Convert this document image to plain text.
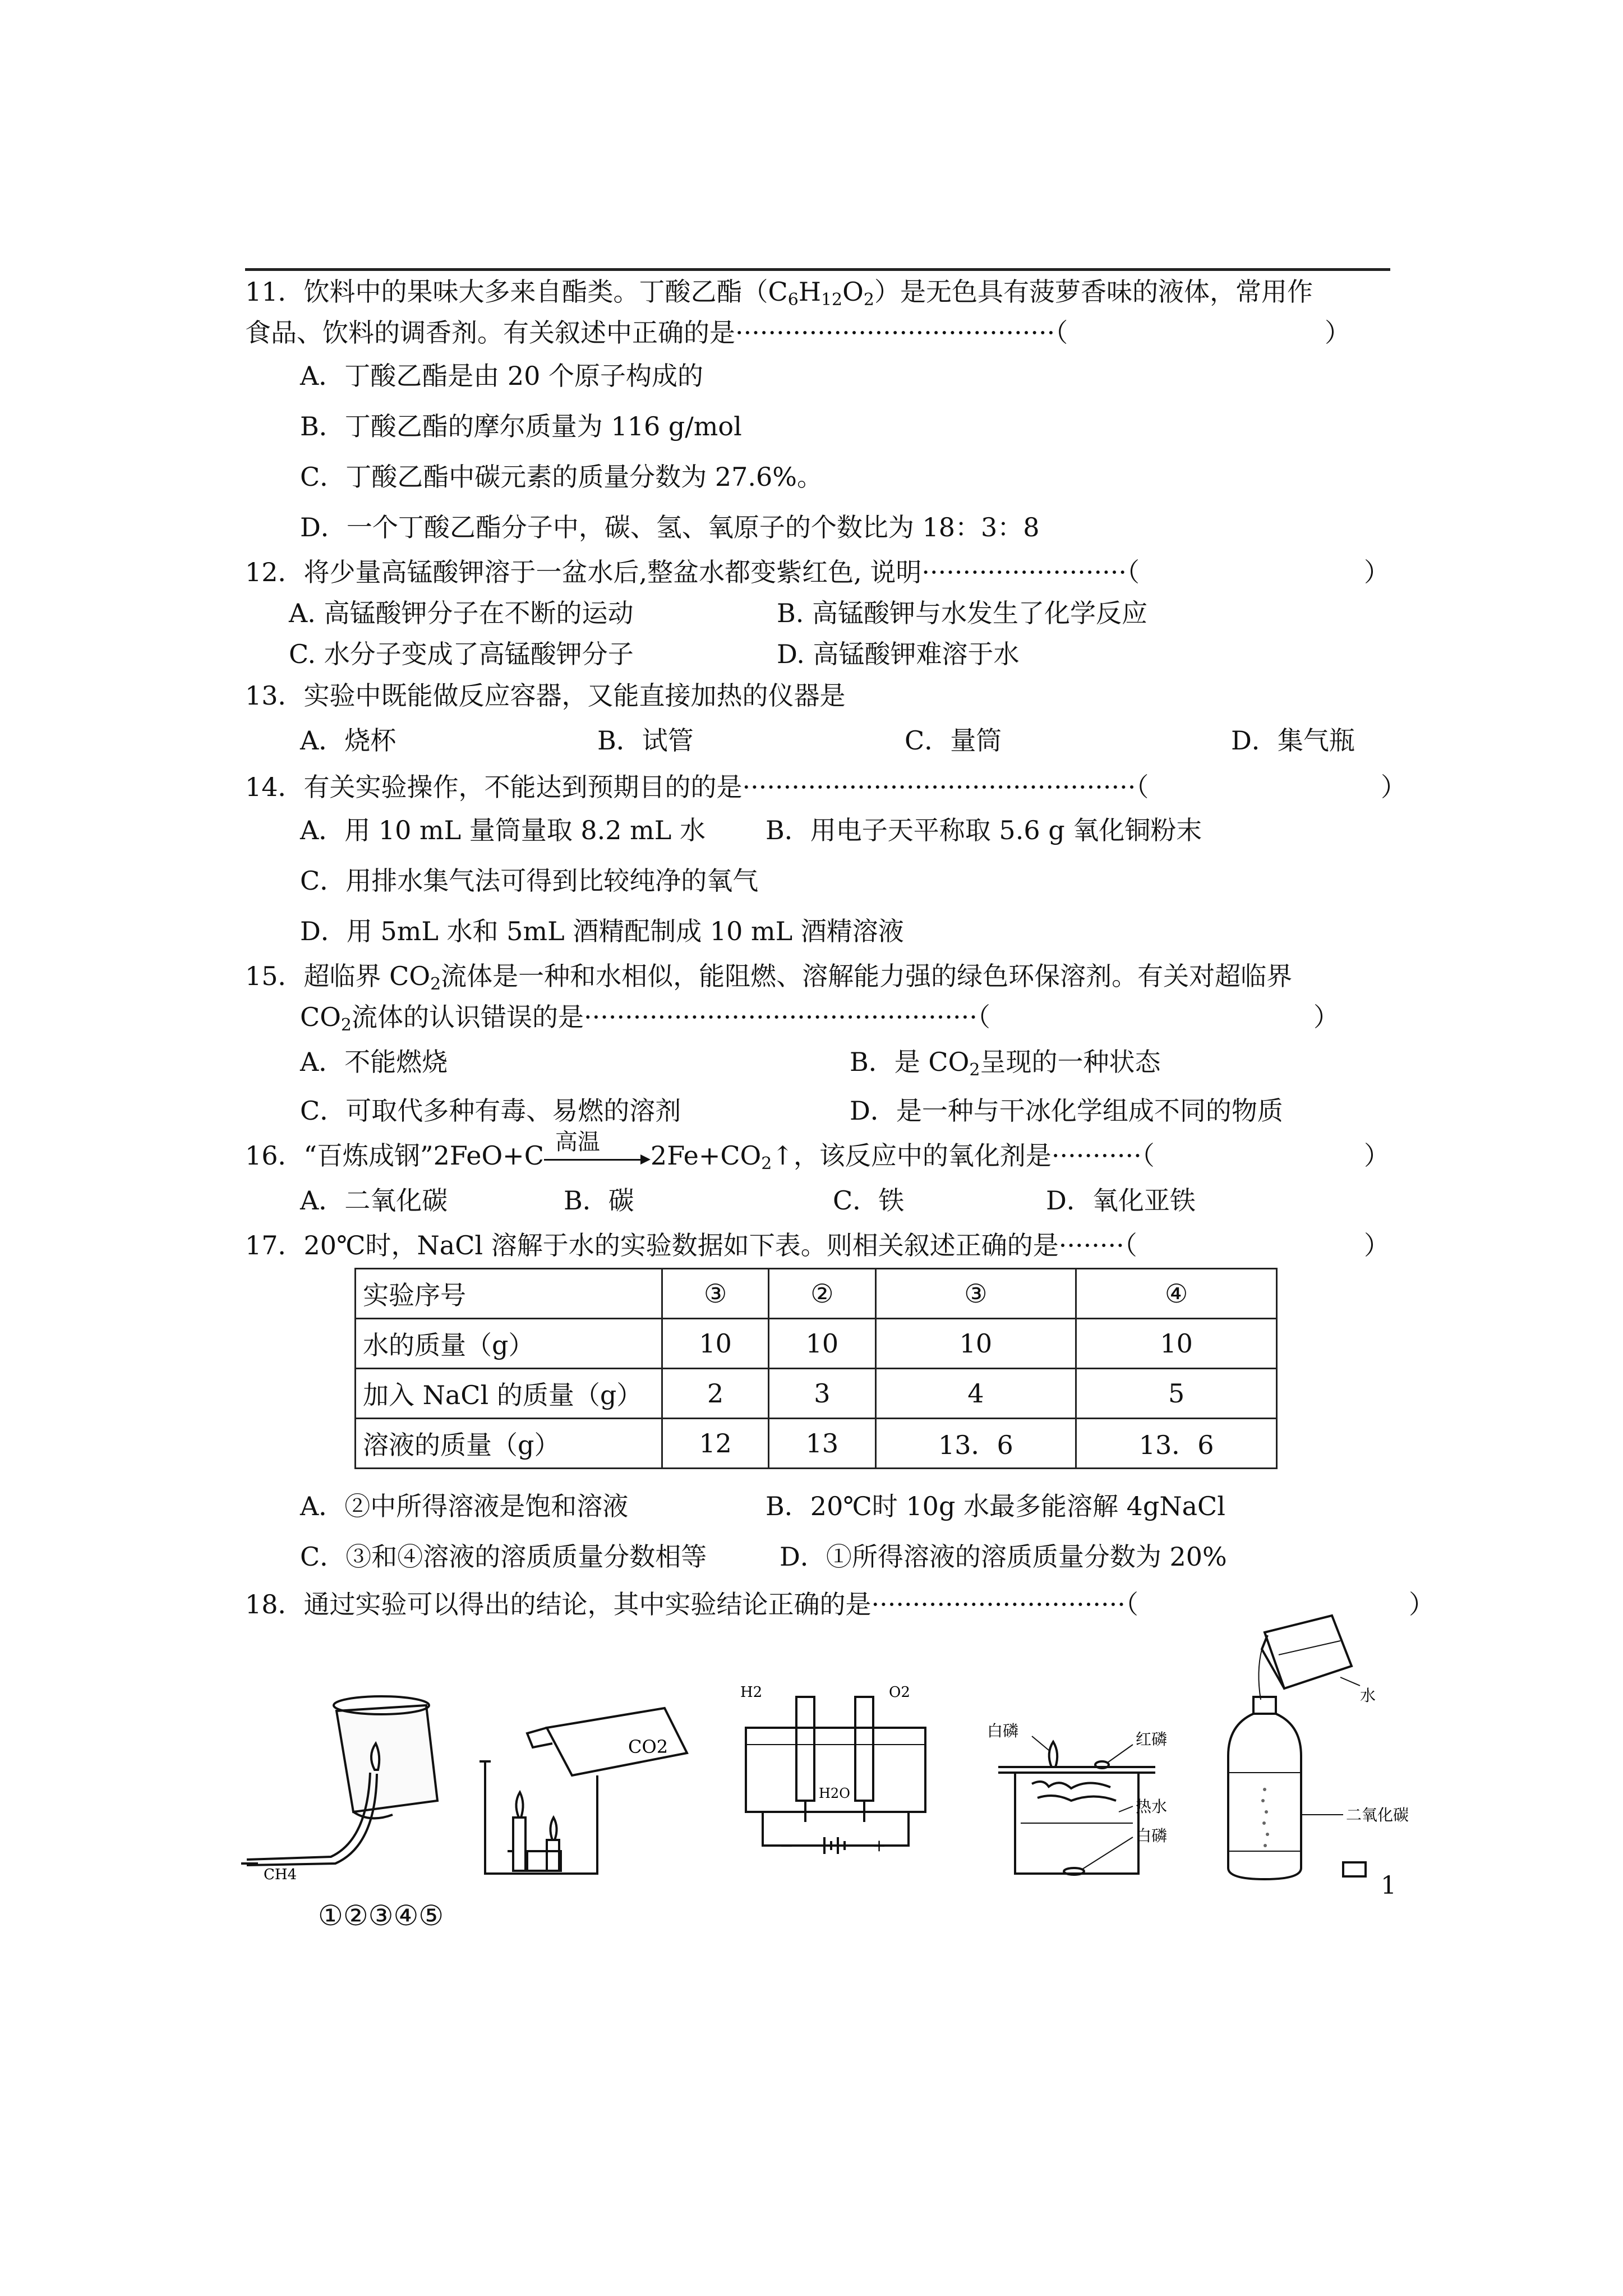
11．饮料中的果味大多来自酯类。丁酸乙酯$(C_6H_{12}O_2)$是无色具有菠萝香味的液体，常用作
食品、饮料的调香剂。有关叙述中正确的是·······································（	）
A．丁酸乙酯是由 20 个原子构成的
B．丁酸乙酯的摩尔质量为 116 g/mol
C．丁酸乙酯中碳元素的质量分数为 27.6%。
D．一个丁酸乙酯分子中，碳、氢、氧原子的个数比为 18：3：8
12．将少量高锰酸钾溶于一盆水后,整盆水都变紫红色, 说明·························（	）
A. 高锰酸钾分子在不断的运动	B. 高锰酸钾与水发生了化学反应
C. 水分子变成了高锰酸钾分子	D. 高锰酸钾难溶于水
13．实验中既能做反应容器，又能直接加热的仪器是
A．烧杯	B．试管	C．量筒	D．集气瓶
14．有关实验操作，不能达到预期目的的是················································（	）
A．用 10 mL 量筒量取 8.2 mL 水 B．用电子天平称取 5.6 g 氧化铜粉末
C．用排水集气法可得到比较纯净的氧气
D．用 5mL 水和 5mL 酒精配制成 10 mL 酒精溶液
15．超临界 $CO_2$流体是一种和水相似，能阻燃、溶解能力强的绿色环保溶剂。有关对超临界
$CO_2$流体的认识错误的是················································（	）
A．不能燃烧	B．是 $CO_2$呈现的一种状态
C．可取代多种有毒、易燃的溶剂	D．是一种与干冰化学组成不同的物质
16．“百炼成钢”2FeO+C 高温 $2Fe+CO_2↑$，该反应中的氧化剂是···········（	）
A．二氧化碳	B．碳	C．铁	D．氧化亚铁
17．20℃时，NaCl 溶解于水的实验数据如下表。则相关叙述正确的是········（	）
实验序号	③	②	③	④
水的质量（g）	10	10	10	10
加入 NaCl 的质量（g）	2	3	4	5
溶液的质量（g）	12	13	13．6	13．6
A．②中所得溶液是饱和溶液	B．20℃时 10g 水最多能溶解 4gNaCl
C．③和④溶液的溶质质量分数相等	D．①所得溶液的溶质质量分数为 20%
18．通过实验可以得出的结论，其中实验结论正确的是·······························（	）
CH4
CO2
H2	O2
H2O
−	+
白磷	红磷
热水
白磷
水
二氧化碳
①②③④⑤
1
